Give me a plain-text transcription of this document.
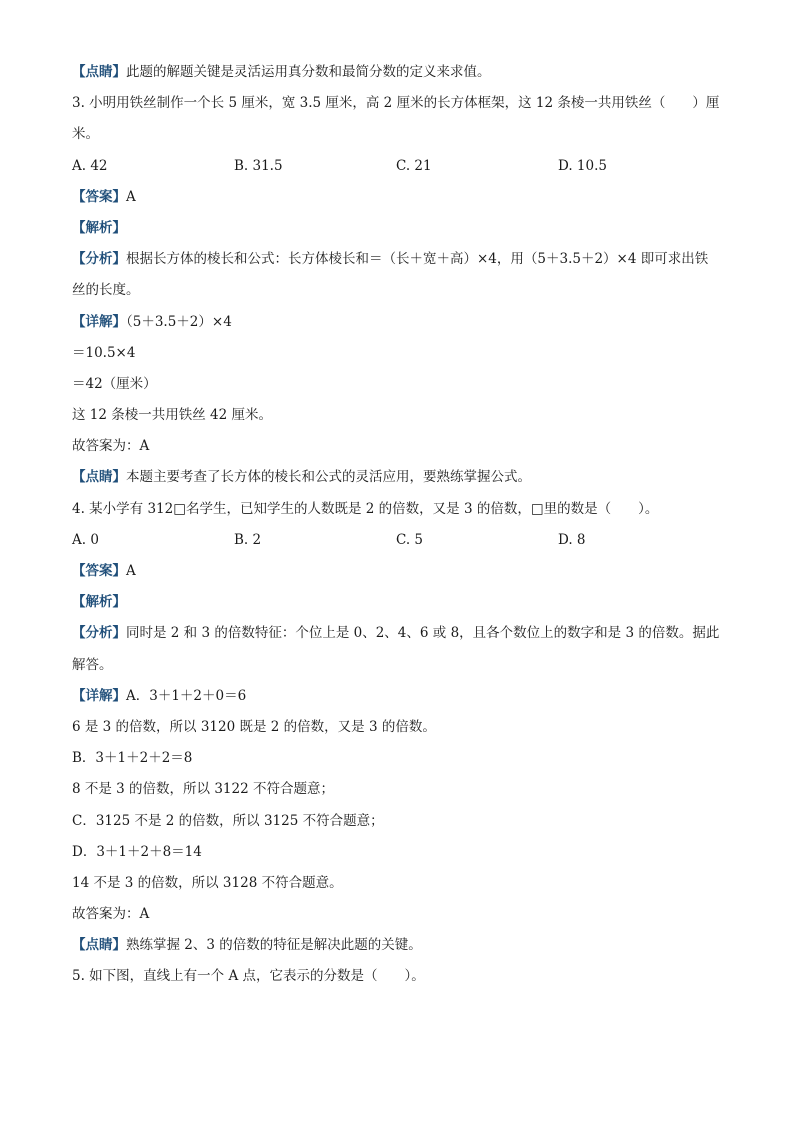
【点睛】此题的解题关键是灵活运用真分数和最简分数的定义来求值。
3. 小明用铁丝制作一个长 5 厘米，宽 3.5 厘米，高 2 厘米的长方体框架，这 12 条棱一共用铁丝（　　）厘
米。
A. 42	B. 31.5	C. 21	D. 10.5
【答案】A
【解析】
【分析】根据长方体的棱长和公式：长方体棱长和＝（长＋宽＋高）×4，用（5＋3.5＋2）×4 即可求出铁
丝的长度。
【详解】（5＋3.5＋2）×4
＝10.5×4
＝42（厘米）
这 12 条棱一共用铁丝 42 厘米。
故答案为：A
【点睛】本题主要考查了长方体的棱长和公式的灵活应用，要熟练掌握公式。
4. 某小学有 312□名学生，已知学生的人数既是 2 的倍数，又是 3 的倍数，□里的数是（　　）。
A. 0	B. 2	C. 5	D. 8
【答案】A
【解析】
【分析】同时是 2 和 3 的倍数特征：个位上是 0、2、4、6 或 8，且各个数位上的数字和是 3 的倍数。据此
解答。
【详解】A．3＋1＋2＋0＝6
6 是 3 的倍数，所以 3120 既是 2 的倍数，又是 3 的倍数。
B．3＋1＋2＋2＝8
8 不是 3 的倍数，所以 3122 不符合题意；
C．3125 不是 2 的倍数，所以 3125 不符合题意；
D．3＋1＋2＋8＝14
14 不是 3 的倍数，所以 3128 不符合题意。
故答案为：A
【点睛】熟练掌握 2、3 的倍数的特征是解决此题的关键。
5. 如下图，直线上有一个 A 点，它表示的分数是（　　）。
